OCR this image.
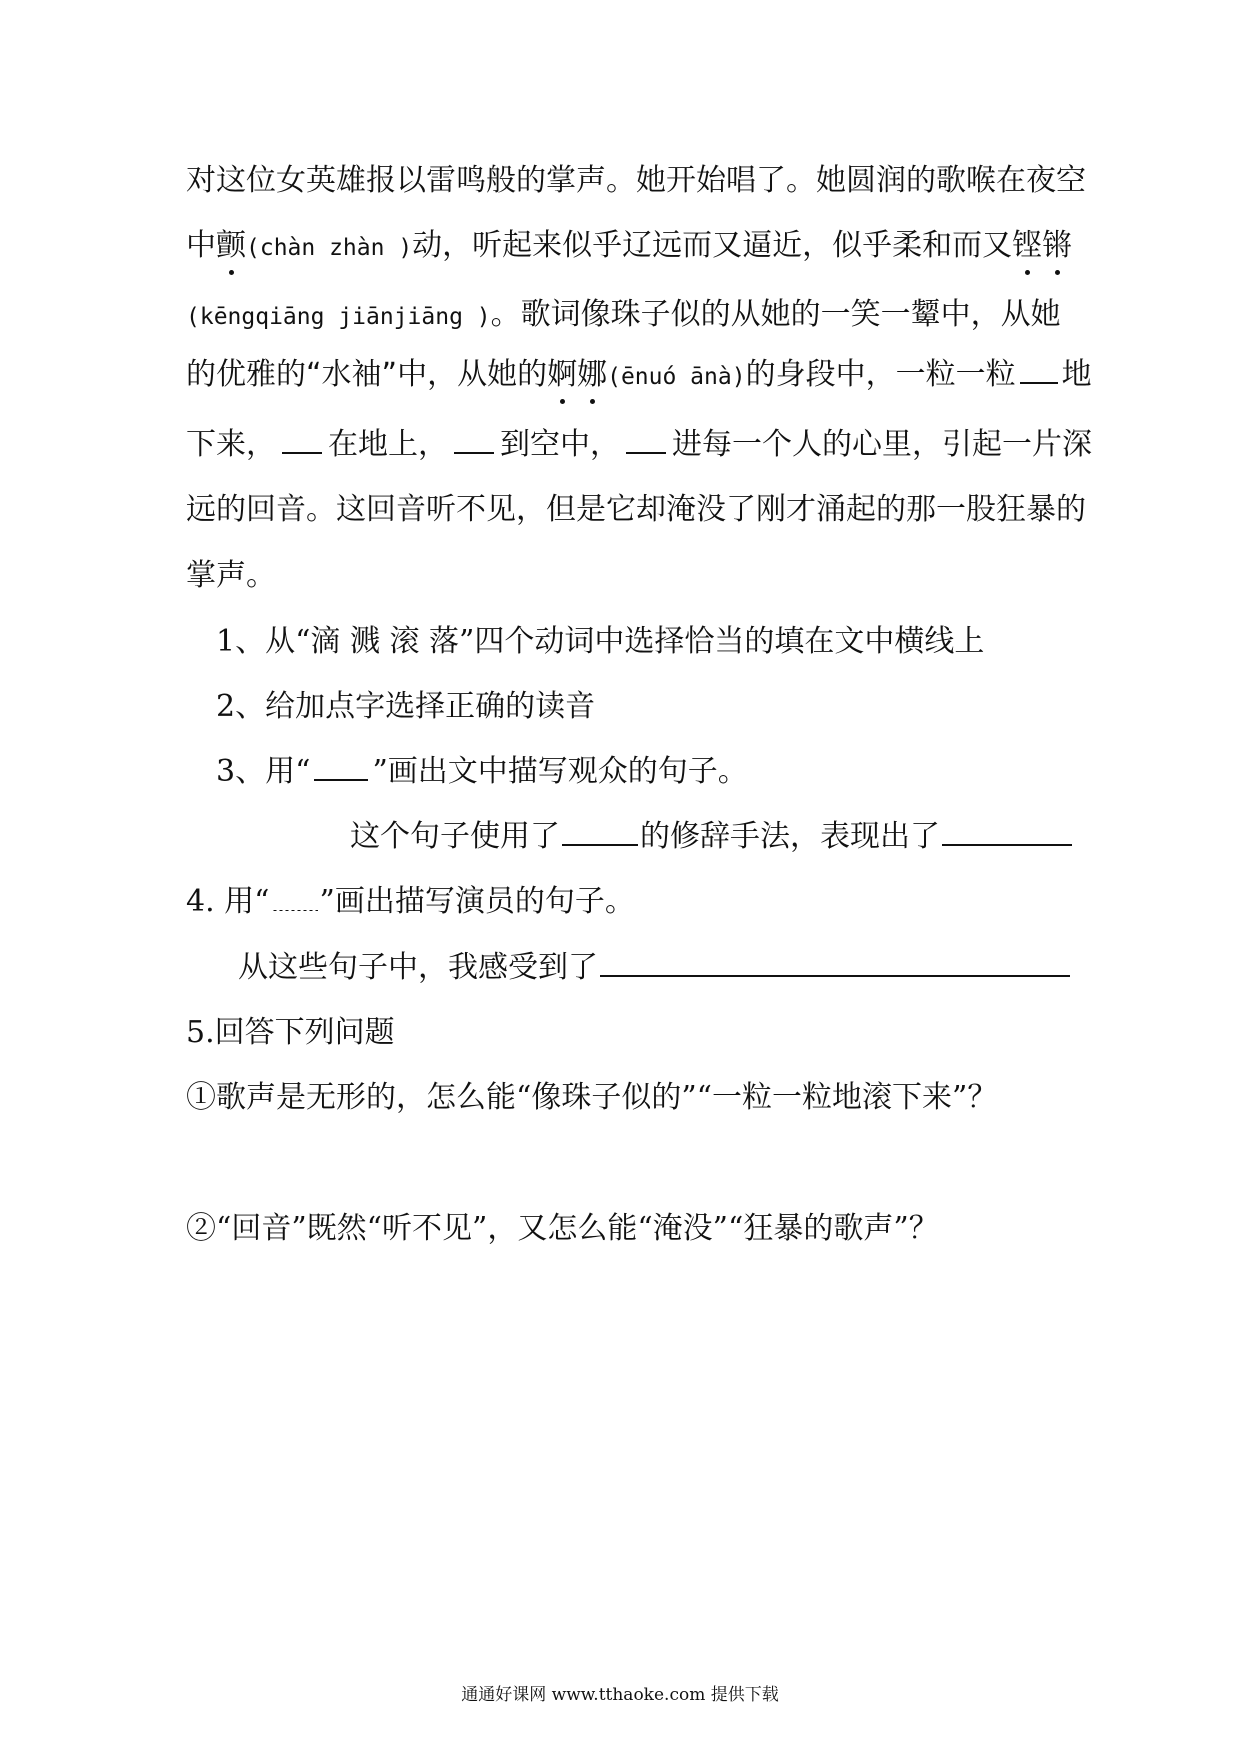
对这位女英雄报以雷鸣般的掌声。她开始唱了。她圆润的歌喉在夜空
中颤(chàn zhàn )动，听起来似乎辽远而又逼近，似乎柔和而又铿锵
(kēngqiāng jiānjiāng )。歌词像珠子似的从她的一笑一颦中，从她
的优雅的“水袖”中，从她的婀娜(ēnuó ānà)的身段中，一粒一粒 地
下来， 在地上， 到空中， 进每一个人的心里，引起一片深
远的回音。这回音听不见，但是它却淹没了刚才涌起的那一股狂暴的
掌声。
1、从“滴 溅 滚 落”四个动词中选择恰当的填在文中横线上
2、给加点字选择正确的读音
3、用“ ”画出文中描写观众的句子。
这个句子使用了	的修辞手法，表现出了
4. 用“ ”画出描写演员的句子。
从这些句子中，我感受到了
5.回答下列问题
①歌声是无形的，怎么能“像珠子似的”“一粒一粒地滚下来”？
②“回音”既然“听不见”，又怎么能“淹没”“狂暴的歌声”？
通通好课网 www.tthaoke.com 提供下载
